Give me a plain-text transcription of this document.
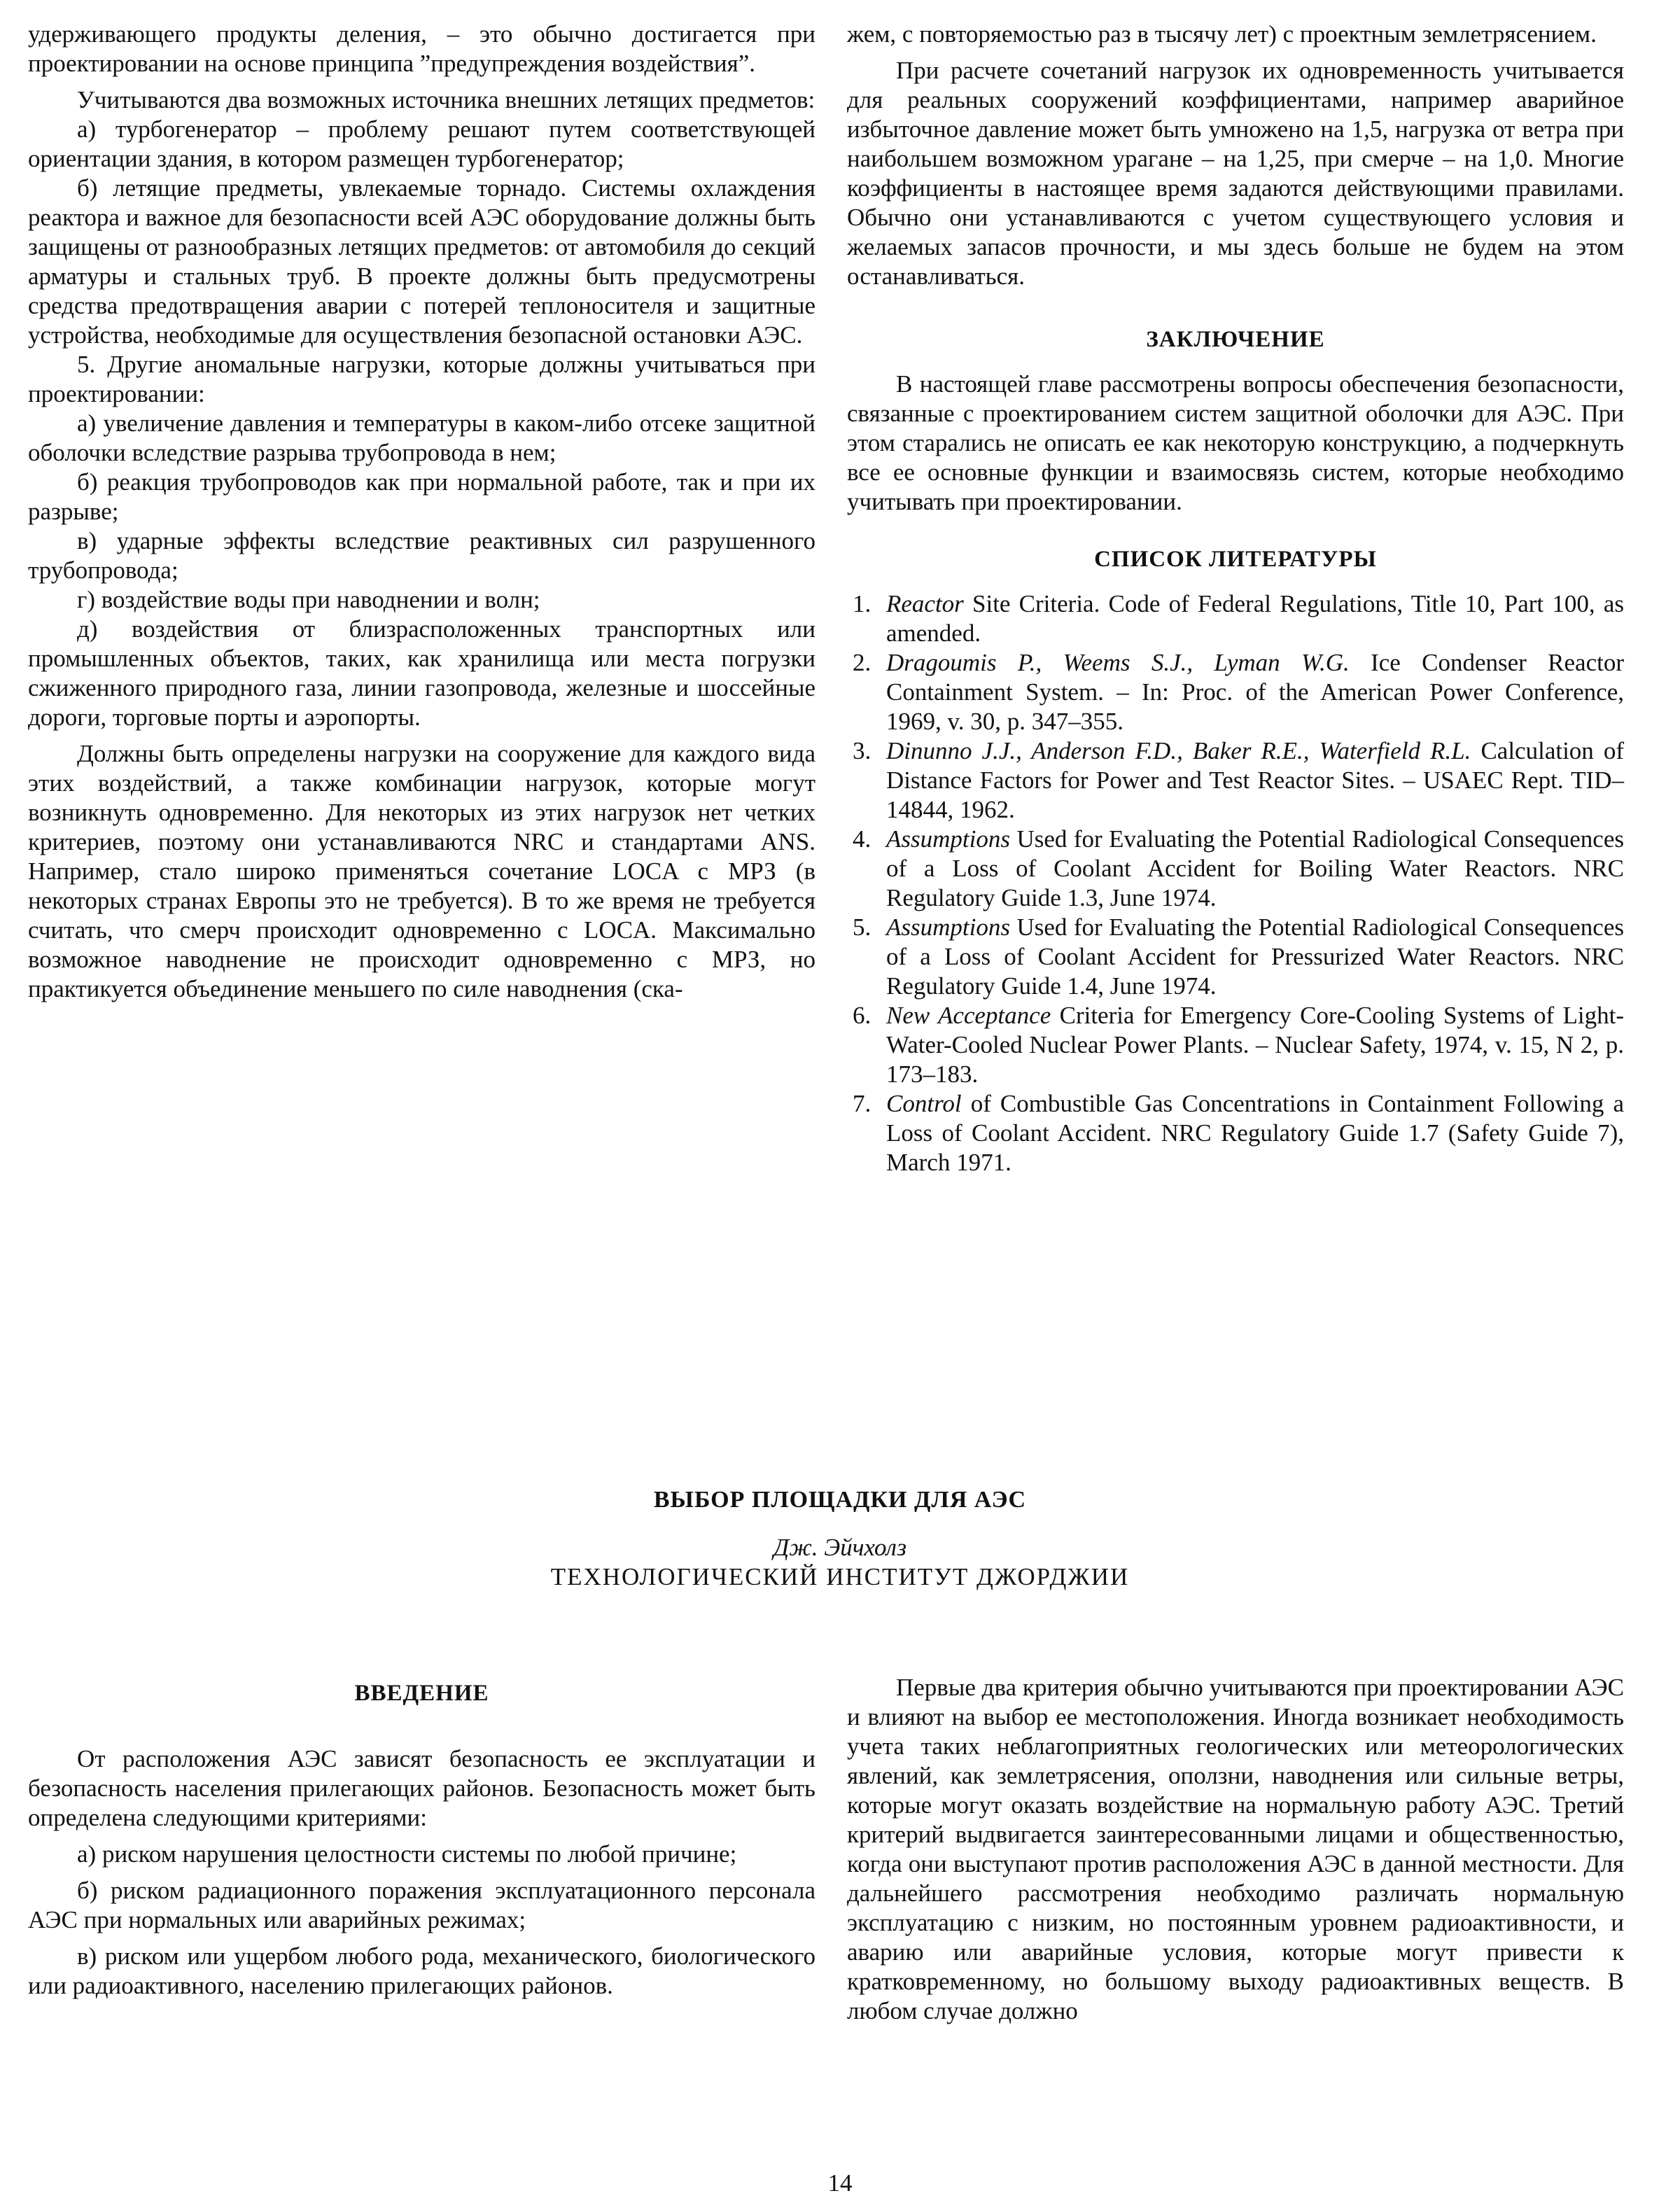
удерживающего продукты деления, – это обычно достигается при проектировании на основе принципа ”предупреждения воздействия”.

Учитываются два возможных источника внешних летящих предметов:

а) турбогенератор – проблему решают путем соответствующей ориентации здания, в котором размещен турбогенератор;

б) летящие предметы, увлекаемые торнадо. Системы охлаждения реактора и важное для безопасности всей АЭС оборудование должны быть защищены от разнообразных летящих предметов: от автомобиля до секций арматуры и стальных труб. В проекте должны быть предусмотрены средства предотвращения аварии с потерей теплоносителя и защитные устройства, необходимые для осуществления безопасной остановки АЭС.

5. Другие аномальные нагрузки, которые должны учитываться при проектировании:

а) увеличение давления и температуры в каком-либо отсеке защитной оболочки вследствие разрыва трубопровода в нем;

б) реакция трубопроводов как при нормальной работе, так и при их разрыве;

в) ударные эффекты вследствие реактивных сил разрушенного трубопровода;

г) воздействие воды при наводнении и волн;

д) воздействия от близрасположенных транспортных или промышленных объектов, таких, как хранилища или места погрузки сжиженного природного газа, линии газопровода, железные и шоссейные дороги, торговые порты и аэропорты.

Должны быть определены нагрузки на сооружение для каждого вида этих воздействий, а также комбинации нагрузок, которые могут возникнуть одновременно. Для некоторых из этих нагрузок нет четких критериев, поэтому они устанавливаются NRC и стандартами ANS. Например, стало широко применяться сочетание LOCA с МРЗ (в некоторых странах Европы это не требуется). В то же время не требуется считать, что смерч происходит одновременно с LOCA. Максимально возможное наводнение не происходит одновременно с МРЗ, но практикуется объединение меньшего по силе наводнения (ска-

жем, с повторяемостью раз в тысячу лет) с проектным землетрясением.

При расчете сочетаний нагрузок их одновременность учитывается для реальных сооружений коэффициентами, например аварийное избыточное давление может быть умножено на 1,5, нагрузка от ветра при наибольшем возможном урагане – на 1,25, при смерче – на 1,0. Многие коэффициенты в настоящее время задаются действующими правилами. Обычно они устанавливаются с учетом существующего условия и желаемых запасов прочности, и мы здесь больше не будем на этом останавливаться.

ЗАКЛЮЧЕНИЕ

В настоящей главе рассмотрены вопросы обеспечения безопасности, связанные с проектированием систем защитной оболочки для АЭС. При этом старались не описать ее как некоторую конструкцию, а подчеркнуть все ее основные функции и взаимосвязь систем, которые необходимо учитывать при проектировании.

СПИСОК ЛИТЕРАТУРЫ
1. Reactor Site Criteria. Code of Federal Regulations, Title 10, Part 100, as amended.
2. Dragoumis P., Weems S.J., Lyman W.G. Ice Condenser Reactor Containment System. – In: Proc. of the American Power Conference, 1969, v. 30, p. 347–355.
3. Dinunno J.J., Anderson F.D., Baker R.E., Waterfield R.L. Calculation of Distance Factors for Power and Test Reactor Sites. – USAEC Rept. TID–14844, 1962.
4. Assumptions Used for Evaluating the Potential Radiological Consequences of a Loss of Coolant Accident for Boiling Water Reactors. NRC Regulatory Guide 1.3, June 1974.
5. Assumptions Used for Evaluating the Potential Radiological Consequences of a Loss of Coolant Accident for Pressurized Water Reactors. NRC Regulatory Guide 1.4, June 1974.
6. New Acceptance Criteria for Emergency Core-Cooling Systems of Light-Water-Cooled Nuclear Power Plants. – Nuclear Safety, 1974, v. 15, N 2, p. 173–183.
7. Control of Combustible Gas Concentrations in Containment Following a Loss of Coolant Accident. NRC Regulatory Guide 1.7 (Safety Guide 7), March 1971.
ВЫБОР ПЛОЩАДКИ ДЛЯ АЭС
Дж. Эйчхолз
ТЕХНОЛОГИЧЕСКИЙ ИНСТИТУТ ДЖОРДЖИИ
ВВЕДЕНИЕ

От расположения АЭС зависят безопасность ее эксплуатации и безопасность населения прилегающих районов. Безопасность может быть определена следующими критериями:

а) риском нарушения целостности системы по любой причине;

б) риском радиационного поражения эксплуатационного персонала АЭС при нормальных или аварийных режимах;

в) риском или ущербом любого рода, механического, биологического или радиоактивного, населению прилегающих районов.

Первые два критерия обычно учитываются при проектировании АЭС и влияют на выбор ее местоположения. Иногда возникает необходимость учета таких неблагоприятных геологических или метеорологических явлений, как землетрясения, оползни, наводнения или сильные ветры, которые могут оказать воздействие на нормальную работу АЭС. Третий критерий выдвигается заинтересованными лицами и общественностью, когда они выступают против расположения АЭС в данной местности. Для дальнейшего рассмотрения необходимо различать нормальную эксплуатацию с низким, но постоянным уровнем радиоактивности, и аварию или аварийные условия, которые могут привести к кратковременному, но большому выходу радиоактивных веществ. В любом случае должно

14
